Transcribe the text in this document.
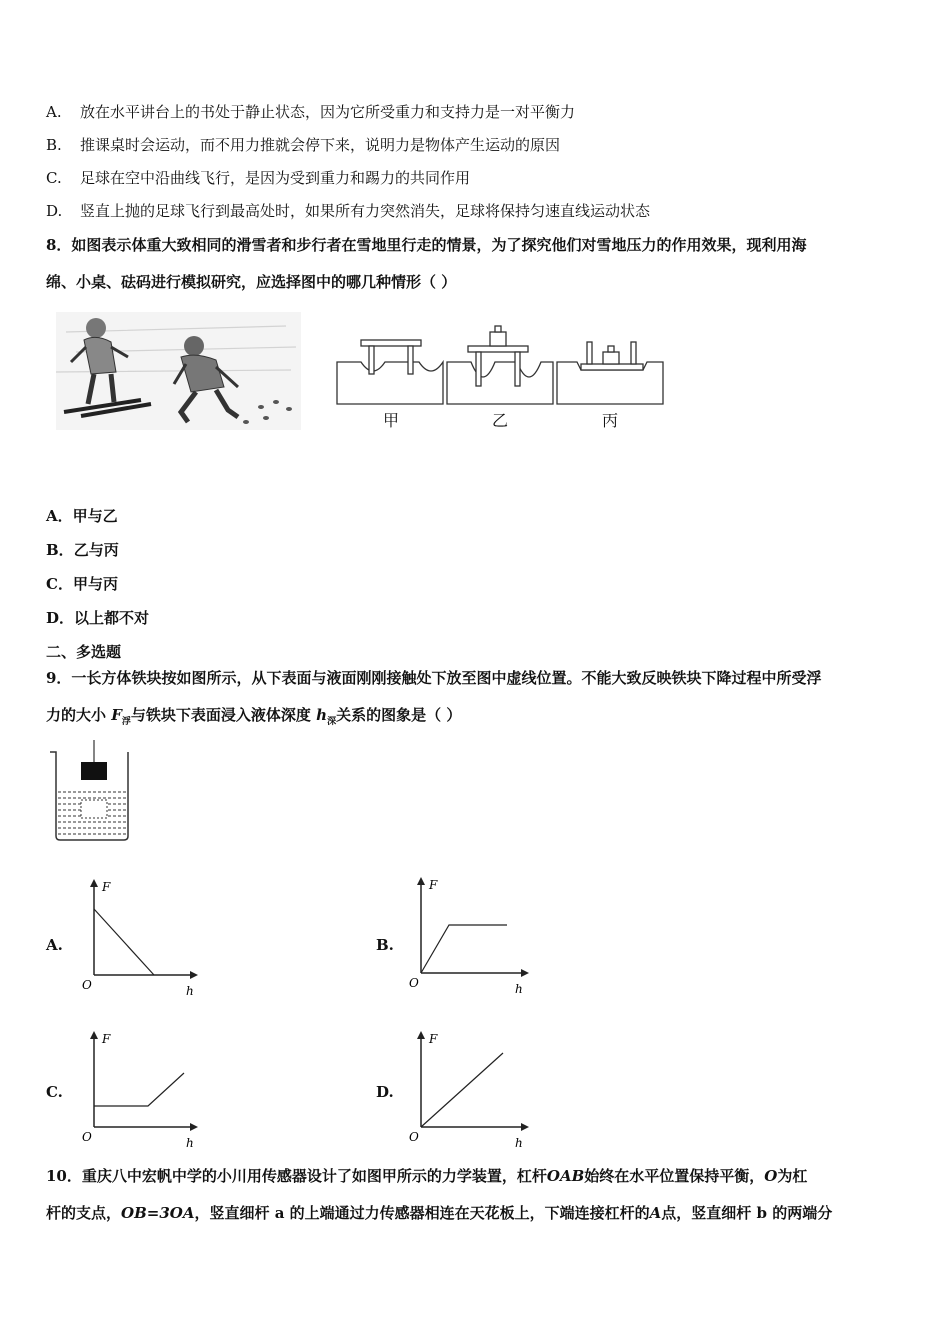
A. 放在水平讲台上的书处于静止状态，因为它所受重力和支持力是一对平衡力
B. 推课桌时会运动，而不用力推就会停下来，说明力是物体产生运动的原因
C. 足球在空中沿曲线飞行，是因为受到重力和踢力的共同作用
D. 竖直上抛的足球飞行到最高处时，如果所有力突然消失，足球将保持匀速直线运动状态
8．如图表示体重大致相同的滑雪者和步行者在雪地里行走的情景，为了探究他们对雪地压力的作用效果，现利用海
绵、小桌、砝码进行模拟研究，应选择图中的哪几种情形（ ）
甲	乙	丙
A．甲与乙
B．乙与丙
C．甲与丙
D．以上都不对
二、多选题
9．一长方体铁块按如图所示，从下表面与液面刚刚接触处下放至图中虚线位置。不能大致反映铁块下降过程中所受浮
力的大小 $F_浮$与铁块下表面浸入液体深度 $h_深$关系的图象是（ ）
A.	B.
C.	D.
F
O	h
F
O	h
F
O	h
F
O	h
10．重庆八中宏帆中学的小川用传感器设计了如图甲所示的力学装置，杠杆OAB始终在水平位置保持平衡，O为杠
杆的支点，OB=3OA，竖直细杆 a 的上端通过力传感器相连在天花板上，下端连接杠杆的A点，竖直细杆 b 的两端分
